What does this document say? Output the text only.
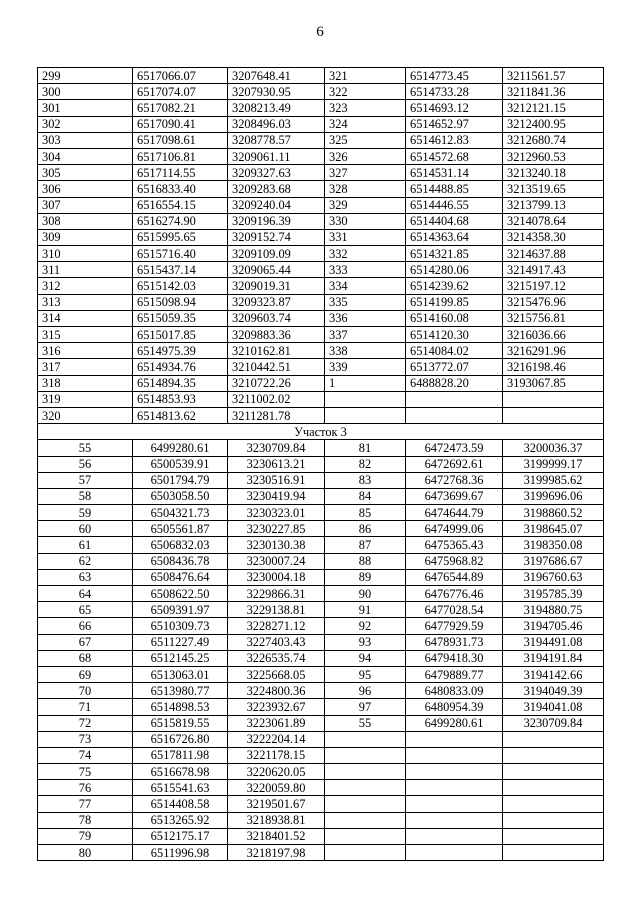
6
299	6517066.07	3207648.41	321	6514773.45	3211561.57
300	6517074.07	3207930.95	322	6514733.28	3211841.36
301	6517082.21	3208213.49	323	6514693.12	3212121.15
302	6517090.41	3208496.03	324	6514652.97	3212400.95
303	6517098.61	3208778.57	325	6514612.83	3212680.74
304	6517106.81	3209061.11	326	6514572.68	3212960.53
305	6517114.55	3209327.63	327	6514531.14	3213240.18
306	6516833.40	3209283.68	328	6514488.85	3213519.65
307	6516554.15	3209240.04	329	6514446.55	3213799.13
308	6516274.90	3209196.39	330	6514404.68	3214078.64
309	6515995.65	3209152.74	331	6514363.64	3214358.30
310	6515716.40	3209109.09	332	6514321.85	3214637.88
311	6515437.14	3209065.44	333	6514280.06	3214917.43
312	6515142.03	3209019.31	334	6514239.62	3215197.12
313	6515098.94	3209323.87	335	6514199.85	3215476.96
314	6515059.35	3209603.74	336	6514160.08	3215756.81
315	6515017.85	3209883.36	337	6514120.30	3216036.66
316	6514975.39	3210162.81	338	6514084.02	3216291.96
317	6514934.76	3210442.51	339	6513772.07	3216198.46
318	6514894.35	3210722.26	1	6488828.20	3193067.85
319	6514853.93	3211002.02			
320	6514813.62	3211281.78			
Участок 3					
55	6499280.61	3230709.84	81	6472473.59	3200036.37
56	6500539.91	3230613.21	82	6472692.61	3199999.17
57	6501794.79	3230516.91	83	6472768.36	3199985.62
58	6503058.50	3230419.94	84	6473699.67	3199696.06
59	6504321.73	3230323.01	85	6474644.79	3198860.52
60	6505561.87	3230227.85	86	6474999.06	3198645.07
61	6506832.03	3230130.38	87	6475365.43	3198350.08
62	6508436.78	3230007.24	88	6475968.82	3197686.67
63	6508476.64	3230004.18	89	6476544.89	3196760.63
64	6508622.50	3229866.31	90	6476776.46	3195785.39
65	6509391.97	3229138.81	91	6477028.54	3194880.75
66	6510309.73	3228271.12	92	6477929.59	3194705.46
67	6511227.49	3227403.43	93	6478931.73	3194491.08
68	6512145.25	3226535.74	94	6479418.30	3194191.84
69	6513063.01	3225668.05	95	6479889.77	3194142.66
70	6513980.77	3224800.36	96	6480833.09	3194049.39
71	6514898.53	3223932.67	97	6480954.39	3194041.08
72	6515819.55	3223061.89	55	6499280.61	3230709.84
73	6516726.80	3222204.14			
74	6517811.98	3221178.15			
75	6516678.98	3220620.05			
76	6515541.63	3220059.80			
77	6514408.58	3219501.67			
78	6513265.92	3218938.81			
79	6512175.17	3218401.52			
80	6511996.98	3218197.98			
